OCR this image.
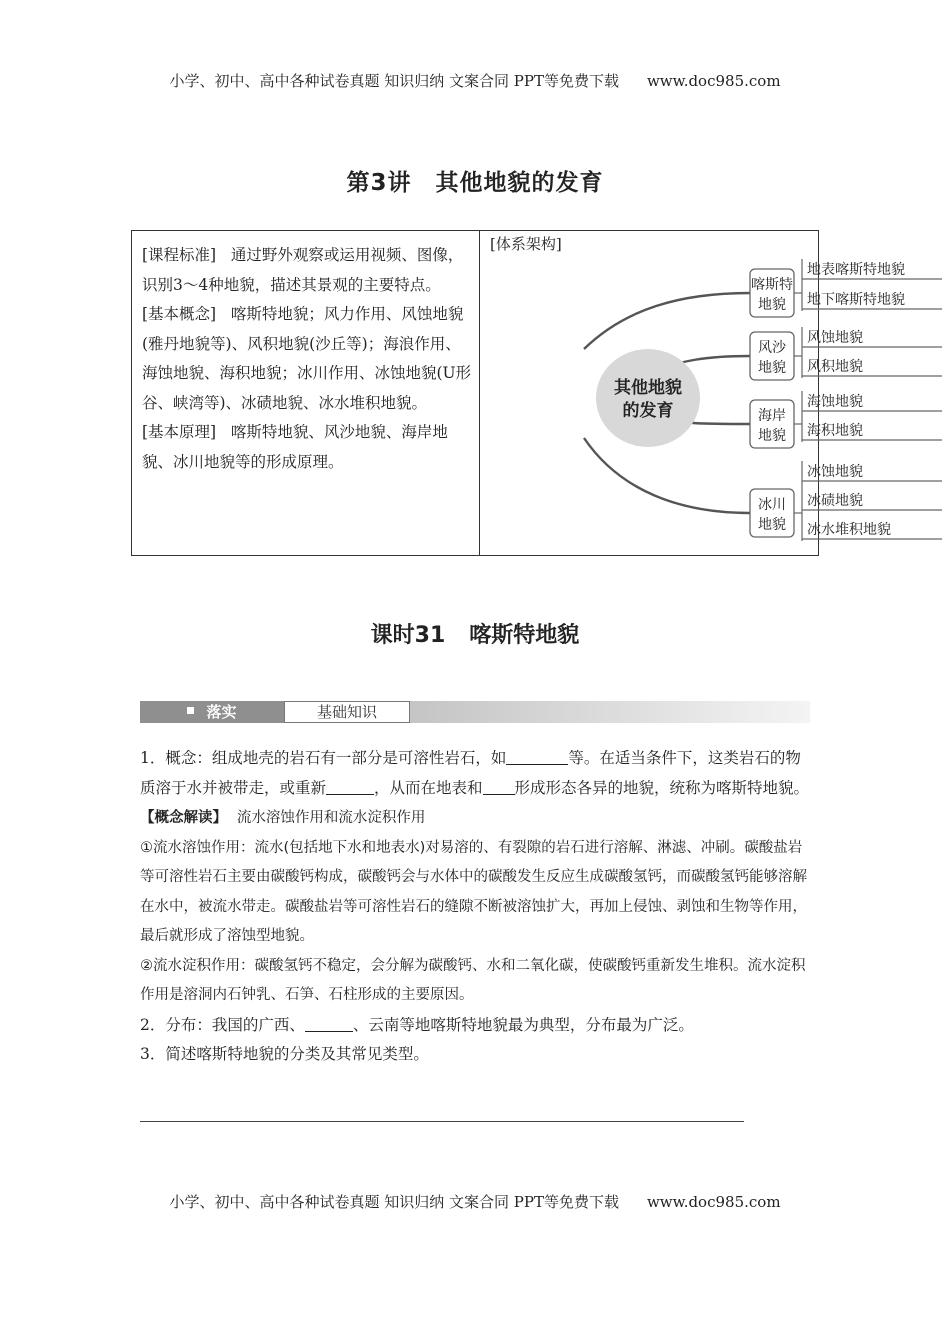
小学、初中、高中各种试卷真题 知识归纳 文案合同 PPT等免费下载 www.doc985.com
第3讲 其他地貌的发育

[课程标准] 通过野外观察或运用视频、图像，识别3～4种地貌，描述其景观的主要特点。

[基本概念] 喀斯特地貌；风力作用、风蚀地貌(雅丹地貌等)、风积地貌(沙丘等)；海浪作用、海蚀地貌、海积地貌；冰川作用、冰蚀地貌(U形谷、峡湾等)、冰碛地貌、冰水堆积地貌。

[基本原理] 喀斯特地貌、风沙地貌、海岸地貌、冰川地貌等的形成原理。

[体系架构]
其他地貌
的发育
喀斯特
地貌
地表喀斯特地貌
地下喀斯特地貌
风沙
地貌
风蚀地貌
风积地貌
海岸
地貌
海蚀地貌
海积地貌
冰川
地貌
冰蚀地貌
冰碛地貌
冰水堆积地貌
课时31 喀斯特地貌
落实	基础知识

1．概念：组成地壳的岩石有一部分是可溶性岩石，如	等。在适当条件下，这类岩石的物质溶于水并被带走，或重新	，从而在地表和 形成形态各异的地貌，统称为喀斯特地貌。

【概念解读】 流水溶蚀作用和流水淀积作用

①流水溶蚀作用：流水(包括地下水和地表水)对易溶的、有裂隙的岩石进行溶解、淋滤、冲刷。碳酸盐岩等可溶性岩石主要由碳酸钙构成，碳酸钙会与水体中的碳酸发生反应生成碳酸氢钙，而碳酸氢钙能够溶解在水中，被流水带走。碳酸盐岩等可溶性岩石的缝隙不断被溶蚀扩大，再加上侵蚀、剥蚀和生物等作用，最后就形成了溶蚀型地貌。

②流水淀积作用：碳酸氢钙不稳定，会分解为碳酸钙、水和二氧化碳，使碳酸钙重新发生堆积。流水淀积作用是溶洞内石钟乳、石笋、石柱形成的主要原因。

2．分布：我国的广西、	、云南等地喀斯特地貌最为典型，分布最为广泛。

3．简述喀斯特地貌的分类及其常见类型。

小学、初中、高中各种试卷真题 知识归纳 文案合同 PPT等免费下载 www.doc985.com
